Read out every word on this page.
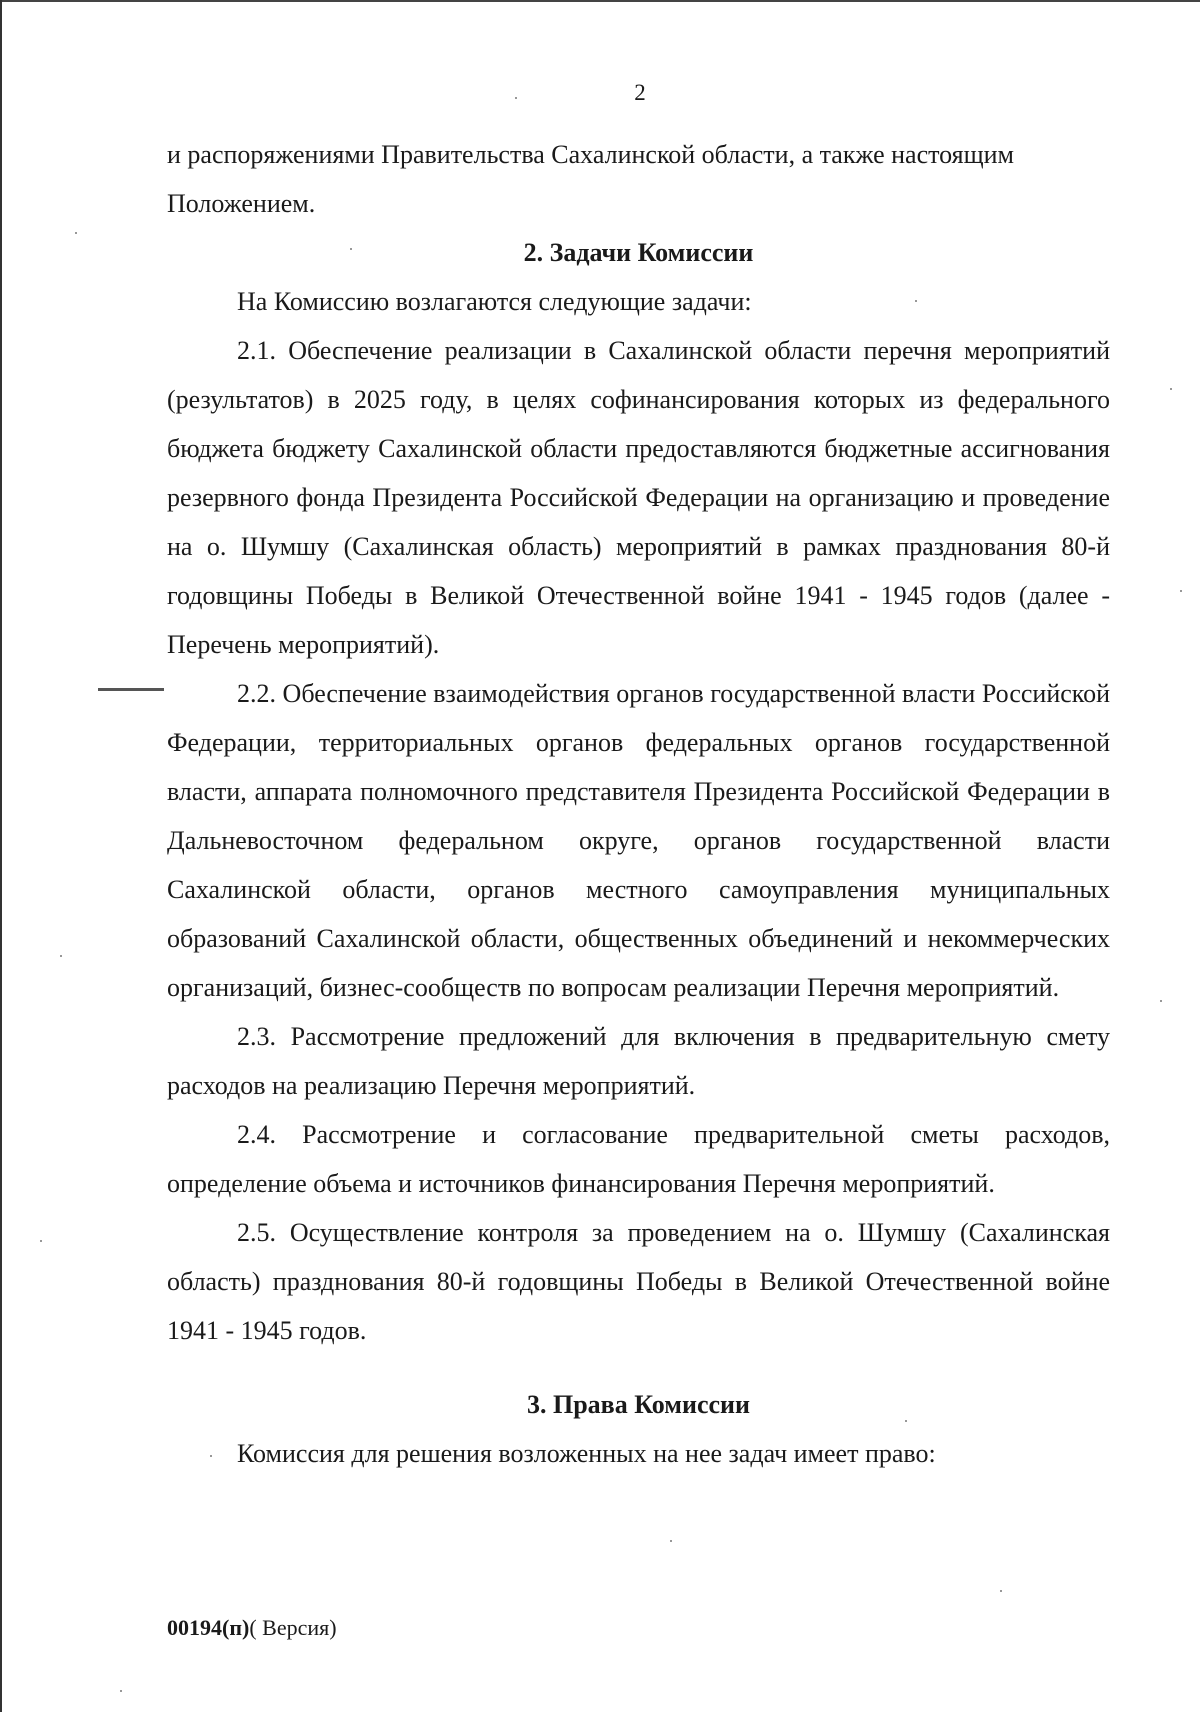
2

и распоряжениями Правительства Сахалинской области, а также настоящим Положением.

2. Задачи Комиссии

На Комиссию возлагаются следующие задачи:

2.1. Обеспечение реализации в Сахалинской области перечня мероприятий (результатов) в 2025 году, в целях софинансирования которых из федерального бюджета бюджету Сахалинской области предоставляются бюджетные ассигнования резервного фонда Президента Российской Федерации на организацию и проведение на о. Шумшу (Сахалинская область) мероприятий в рамках празднования 80-й годовщины Победы в Великой Отечественной войне 1941 - 1945 годов (далее - Перечень мероприятий).

2.2. Обеспечение взаимодействия органов государственной власти Российской Федерации, территориальных органов федеральных органов государственной власти, аппарата полномочного представителя Президента Российской Федерации в Дальневосточном федеральном округе, органов государственной власти Сахалинской области, органов местного самоуправления муниципальных образований Сахалинской области, общественных объединений и некоммерческих организаций, бизнес-сообществ по вопросам реализации Перечня мероприятий.

2.3. Рассмотрение предложений для включения в предварительную смету расходов на реализацию Перечня мероприятий.

2.4. Рассмотрение и согласование предварительной сметы расходов, определение объема и источников финансирования Перечня мероприятий.

2.5. Осуществление контроля за проведением на о. Шумшу (Сахалинская область) празднования 80-й годовщины Победы в Великой Отечественной войне 1941 - 1945 годов.

3. Права Комиссии

Комиссия для решения возложенных на нее задач имеет право:

00194(п)( Версия)
